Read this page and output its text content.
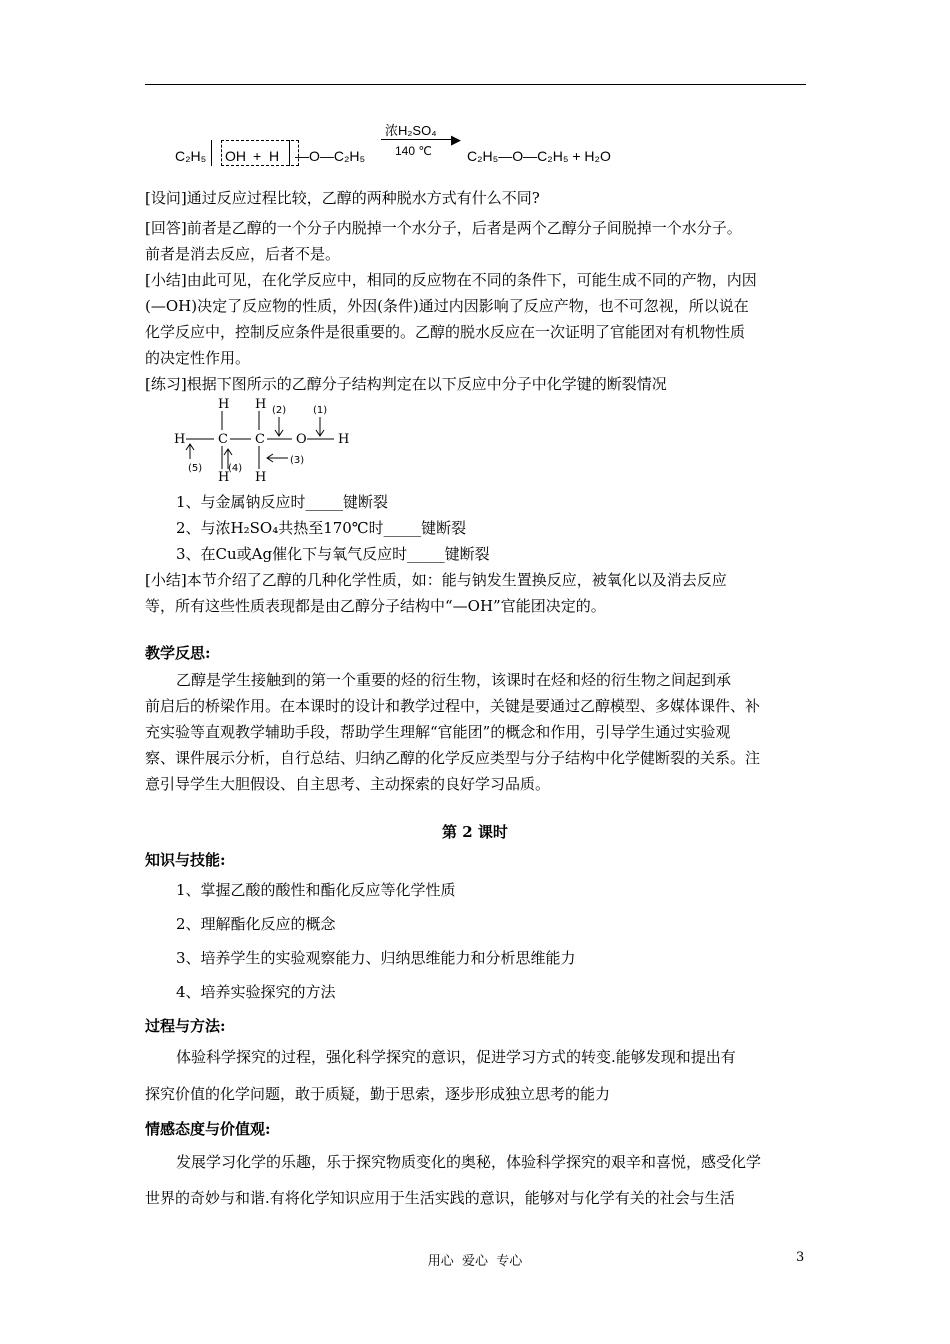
C₂H₅ OH + H —O—C₂H₅
浓H₂SO₄
▶
140 ℃	C₂H₅—O—C₂H₅ + H₂O
[设问]通过反应过程比较，乙醇的两种脱水方式有什么不同?
[回答]前者是乙醇的一个分子内脱掉一个水分子，后者是两个乙醇分子间脱掉一个水分子。
前者是消去反应，后者不是。
[小结]由此可见，在化学反应中，相同的反应物在不同的条件下，可能生成不同的产物，内因
(—OH)决定了反应物的性质，外因(条件)通过内因影响了反应产物，也不可忽视，所以说在
化学反应中，控制反应条件是很重要的。乙醇的脱水反应在一次证明了官能团对有机物性质
的决定性作用。
[练习]根据下图所示的乙醇分子结构判定在以下反应中分子中化学键的断裂情况
H H
H	C C O H
H H
(1)
(2)
(3)
(4)
(5)
1、与金属钠反应时_____键断裂
2、与浓H₂SO₄共热至170℃时_____键断裂
3、在Cu或Ag催化下与氧气反应时_____键断裂
[小结]本节介绍了乙醇的几种化学性质，如：能与钠发生置换反应，被氧化以及消去反应
等，所有这些性质表现都是由乙醇分子结构中“—OH”官能团决定的。
教学反思:
乙醇是学生接触到的第一个重要的烃的衍生物，该课时在烃和烃的衍生物之间起到承
前启后的桥梁作用。在本课时的设计和教学过程中，关键是要通过乙醇模型、多媒体课件、补
充实验等直观教学辅助手段，帮助学生理解“官能团”的概念和作用，引导学生通过实验观
察、课件展示分析，自行总结、归纳乙醇的化学反应类型与分子结构中化学健断裂的关系。注
意引导学生大胆假设、自主思考、主动探索的良好学习品质。
第 2 课时
知识与技能:
1、掌握乙酸的酸性和酯化反应等化学性质
2、理解酯化反应的概念
3、培养学生的实验观察能力、归纳思维能力和分析思维能力
4、培养实验探究的方法
过程与方法:
体验科学探究的过程，强化科学探究的意识，促进学习方式的转变.能够发现和提出有
探究价值的化学问题，敢于质疑，勤于思索，逐步形成独立思考的能力
情感态度与价值观:
发展学习化学的乐趣，乐于探究物质变化的奥秘，体验科学探究的艰辛和喜悦，感受化学
世界的奇妙与和谐.有将化学知识应用于生活实践的意识，能够对与化学有关的社会与生活
用心  爱心  专心	3
